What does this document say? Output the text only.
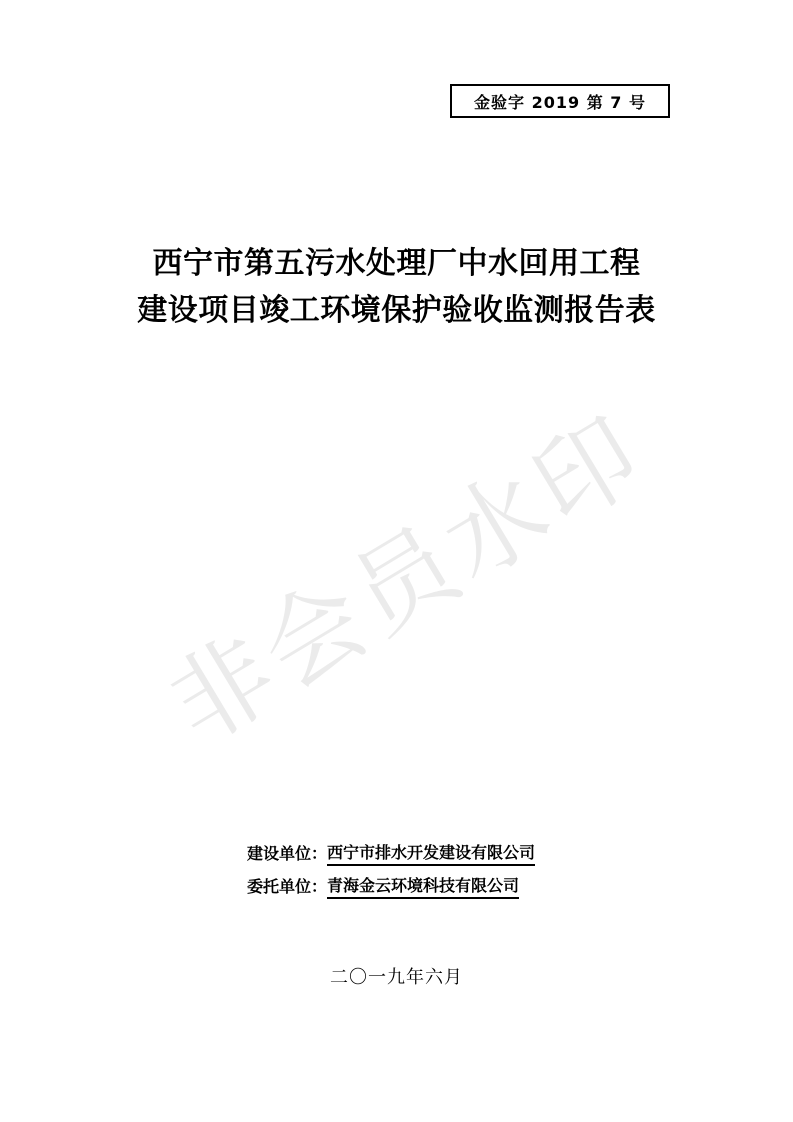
金验字 2019 第 7 号
西宁市第五污水处理厂中水回用工程
建设项目竣工环境保护验收监测报告表
非会员水印
建设单位： 西宁市排水开发建设有限公司
委托单位： 青海金云环境科技有限公司
二〇一九年六月
